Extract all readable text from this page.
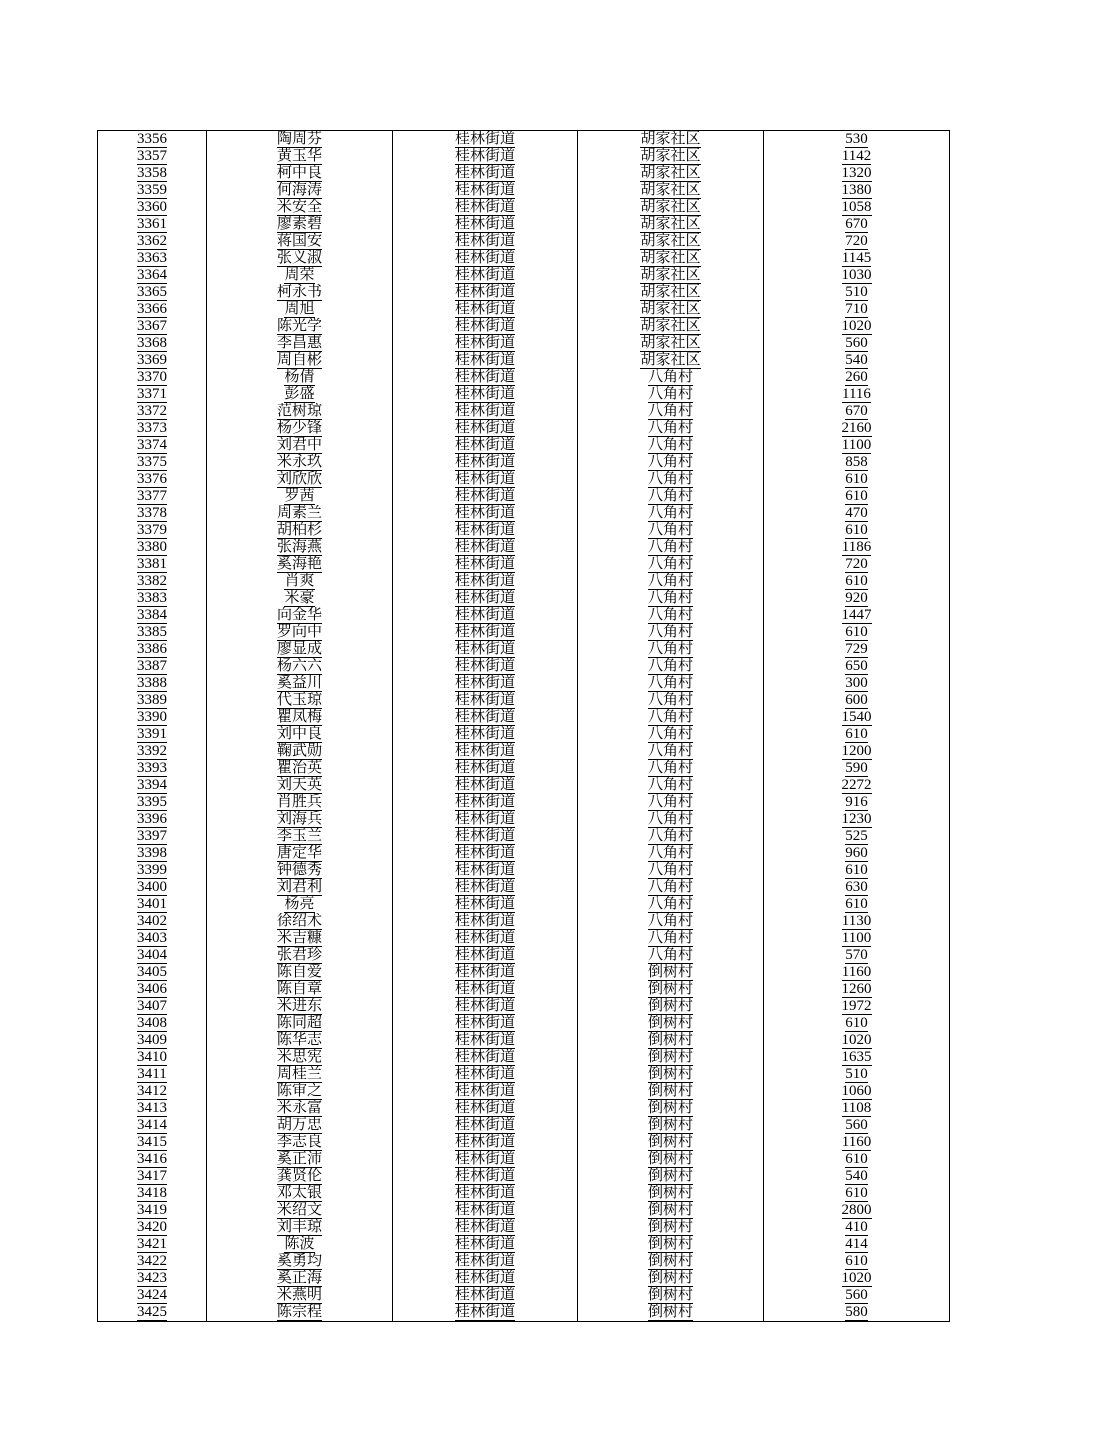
3356	陶周芬	桂林街道	胡家社区	530
3357	黄玉华	桂林街道	胡家社区	1142
3358	柯中良	桂林街道	胡家社区	1320
3359	何海涛	桂林街道	胡家社区	1380
3360	米安全	桂林街道	胡家社区	1058
3361	廖素碧	桂林街道	胡家社区	670
3362	蒋国安	桂林街道	胡家社区	720
3363	张义淑	桂林街道	胡家社区	1145
3364	周荣	桂林街道	胡家社区	1030
3365	柯永书	桂林街道	胡家社区	510
3366	周旭	桂林街道	胡家社区	710
3367	陈光学	桂林街道	胡家社区	1020
3368	李昌惠	桂林街道	胡家社区	560
3369	周自彬	桂林街道	胡家社区	540
3370	杨倩	桂林街道	八角村	260
3371	彭盛	桂林街道	八角村	1116
3372	范树琼	桂林街道	八角村	670
3373	杨少锋	桂林街道	八角村	2160
3374	刘君中	桂林街道	八角村	1100
3375	米永玖	桂林街道	八角村	858
3376	刘欣欣	桂林街道	八角村	610
3377	罗茜	桂林街道	八角村	610
3378	周素兰	桂林街道	八角村	470
3379	胡柏杉	桂林街道	八角村	610
3380	张海燕	桂林街道	八角村	1186
3381	奚海艳	桂林街道	八角村	720
3382	肖爽	桂林街道	八角村	610
3383	米豪	桂林街道	八角村	920
3384	向金华	桂林街道	八角村	1447
3385	罗向中	桂林街道	八角村	610
3386	廖显成	桂林街道	八角村	729
3387	杨六六	桂林街道	八角村	650
3388	奚益川	桂林街道	八角村	300
3389	代玉琼	桂林街道	八角村	600
3390	瞿凤梅	桂林街道	八角村	1540
3391	刘中良	桂林街道	八角村	610
3392	鞠武勋	桂林街道	八角村	1200
3393	瞿治英	桂林街道	八角村	590
3394	刘天英	桂林街道	八角村	2272
3395	肖胜兵	桂林街道	八角村	916
3396	刘海兵	桂林街道	八角村	1230
3397	李玉兰	桂林街道	八角村	525
3398	唐定华	桂林街道	八角村	960
3399	钟德秀	桂林街道	八角村	610
3400	刘君利	桂林街道	八角村	630
3401	杨亮	桂林街道	八角村	610
3402	徐绍术	桂林街道	八角村	1130
3403	米吉糠	桂林街道	八角村	1100
3404	张君珍	桂林街道	八角村	570
3405	陈自爱	桂林街道	倒树村	1160
3406	陈自章	桂林街道	倒树村	1260
3407	米进东	桂林街道	倒树村	1972
3408	陈同超	桂林街道	倒树村	610
3409	陈华志	桂林街道	倒树村	1020
3410	米思宪	桂林街道	倒树村	1635
3411	周桂兰	桂林街道	倒树村	510
3412	陈审之	桂林街道	倒树村	1060
3413	米永富	桂林街道	倒树村	1108
3414	胡万忠	桂林街道	倒树村	560
3415	李志良	桂林街道	倒树村	1160
3416	奚正沛	桂林街道	倒树村	610
3417	龚贤伦	桂林街道	倒树村	540
3418	邓太银	桂林街道	倒树村	610
3419	米绍文	桂林街道	倒树村	2800
3420	刘丰琼	桂林街道	倒树村	410
3421	陈波	桂林街道	倒树村	414
3422	奚勇均	桂林街道	倒树村	610
3423	奚正海	桂林街道	倒树村	1020
3424	米燕明	桂林街道	倒树村	560
3425	陈宗程	桂林街道	倒树村	580
